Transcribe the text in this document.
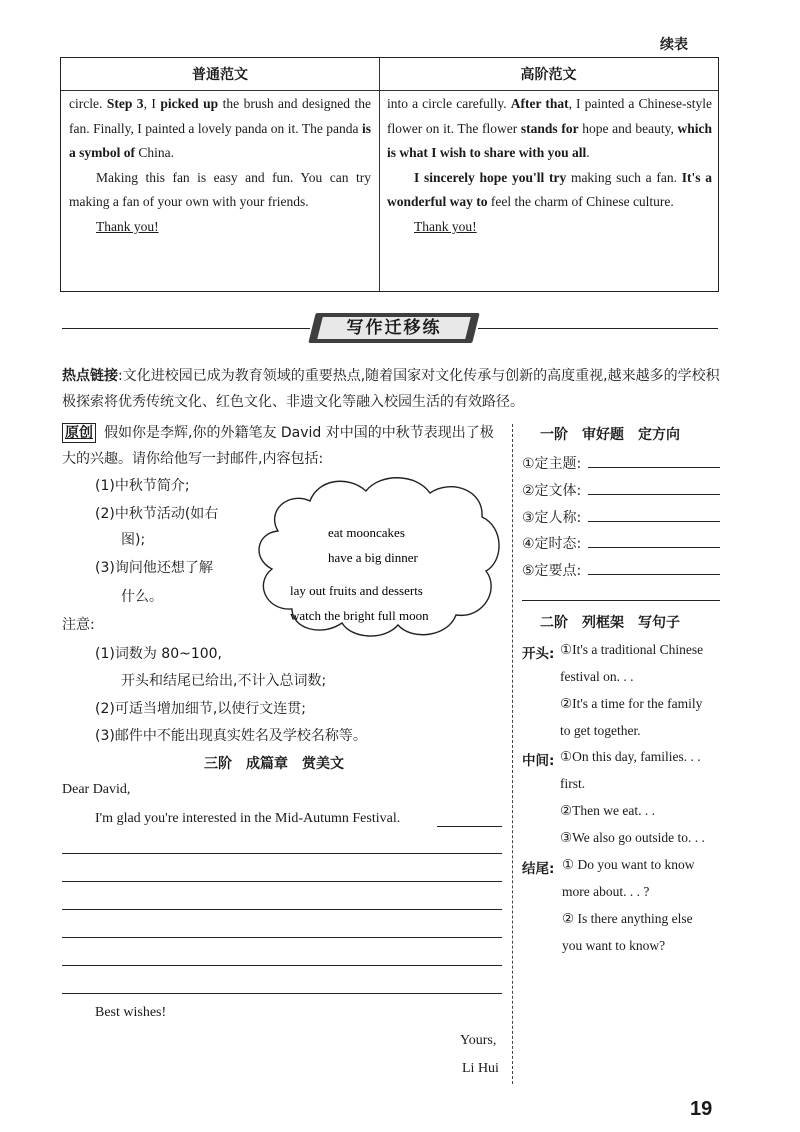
续表
普通范文	高阶范文

circle. Step 3, I picked up the brush and designed the fan. Finally, I painted a lovely panda on it. The panda is a symbol of China.

Making this fan is easy and fun. You can try making a fan of your own with your friends.

Thank you!

into a circle carefully. After that, I painted a Chinese-style flower on it. The flower stands for hope and beauty, which is what I wish to share with you all.

I sincerely hope you'll try making such a fan. It's a wonderful way to feel the charm of Chinese culture.

Thank you!

写作迁移练
热点链接:文化进校园已成为教育领域的重要热点,随着国家对文化传承与创新的高度重视,越来越多的学校积极探索将优秀传统文化、红色文化、非遗文化等融入校园生活的有效路径。
原创 假如你是李辉,你的外籍笔友 David 对中国的中秋节表现出了极大的兴趣。请你给他写一封邮件,内容包括:
(1)中秋节简介;
(2)中秋节活动(如右
图);
(3)询问他还想了解
什么。
注意:
(1)词数为 80~100,
开头和结尾已给出,不计入总词数;
(2)可适当增加细节,以使行文连贯;
(3)邮件中不能出现真实姓名及学校名称等。
eat mooncakes
have a big dinner
lay out fruits and desserts
watch the bright full moon
一阶　审好题　定方向
①定主题:
②定文体:
③定人称:
④定时态:
⑤定要点:
二阶　列框架　写句子
开头: ①It's a traditional Chinese
festival on. . .
②It's a time for the family
to get together.
中间: ①On this day, families. . .
first.
②Then we eat. . .
③We also go outside to. . .
结尾: ① Do you want to know
more about. . . ?
② Is there anything else
you want to know?
三阶　成篇章　赏美文
Dear David,
I'm glad you're interested in the Mid-Autumn Festival.
Best wishes!
Yours,
Li Hui
19
